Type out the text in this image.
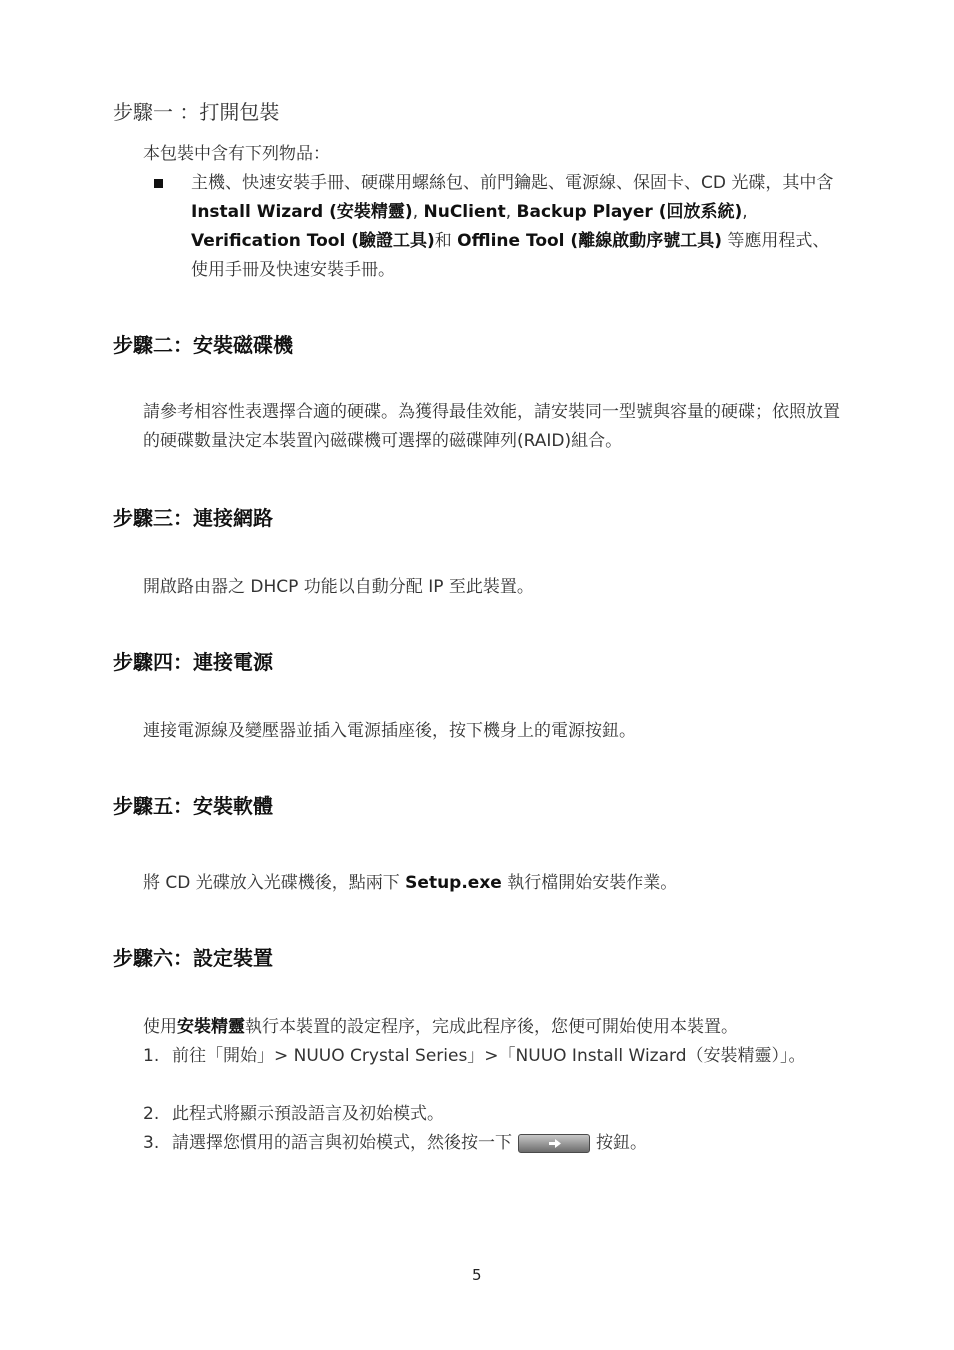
步驟一 ：打開包裝
本包裝中含有下列物品：
主機、快速安裝手冊、硬碟用螺絲包、前門鑰匙、電源線、保固卡、CD 光碟，其中含 Install Wizard (安裝精靈), NuClient, Backup Player (回放系統), Verification Tool (驗證工具)和 Offline Tool (離線啟動序號工具) 等應用程式、使用手冊及快速安裝手冊。
步驟二：安裝磁碟機
請參考相容性表選擇合適的硬碟。為獲得最佳效能，請安裝同一型號與容量的硬碟；依照放置的硬碟數量決定本裝置內磁碟機可選擇的磁碟陣列(RAID)組合。
步驟三：連接網路
開啟路由器之 DHCP 功能以自動分配 IP 至此裝置。
步驟四：連接電源
連接電源線及變壓器並插入電源插座後，按下機身上的電源按鈕。
步驟五：安裝軟體
將 CD 光碟放入光碟機後，點兩下 Setup.exe 執行檔開始安裝作業。
步驟六：設定裝置
使用安裝精靈執行本裝置的設定程序，完成此程序後，您便可開始使用本裝置。
1. 前往「開始」> NUUO Crystal Series」>「NUUO Install Wizard（安裝精靈）」。
2. 此程式將顯示預設語言及初始模式。
3. 請選擇您慣用的語言與初始模式，然後按一下	按鈕。
5
